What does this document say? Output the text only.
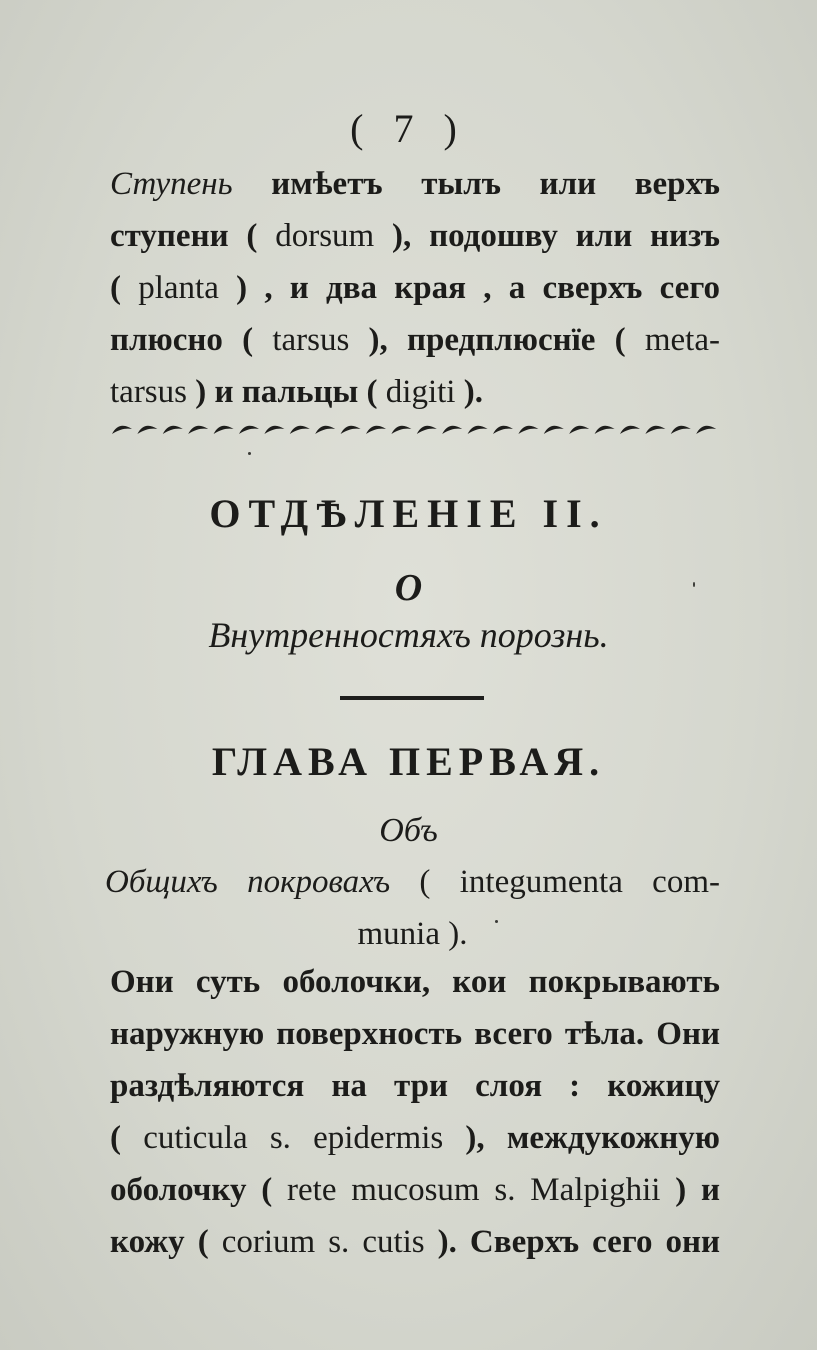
( 7 )
Ступень имѣетъ тылъ или верхъ
ступени ( dorsum ), подошву или низъ
( planta ) , и два края , а сверхъ сего
плюсно ( tarsus ), предплюснїе ( meta-
tarsus ) и пальцы ( digiti ).
ОТДѢЛЕНІЕ II.
О
Внутренностяхъ порознь.
ГЛАВА ПЕРВАЯ.
Объ
Общихъ покровахъ ( integumenta com-
munia ).
Они суть оболочки, кои покрывають
наружную поверхность всего тѣла. Они
раздѣляются на три слоя : кожицу
( cuticula s. epidermis ), междукожную
оболочку ( rete mucosum s. Malpighii ) и
кожу ( corium s. cutis ). Сверхъ сего они
